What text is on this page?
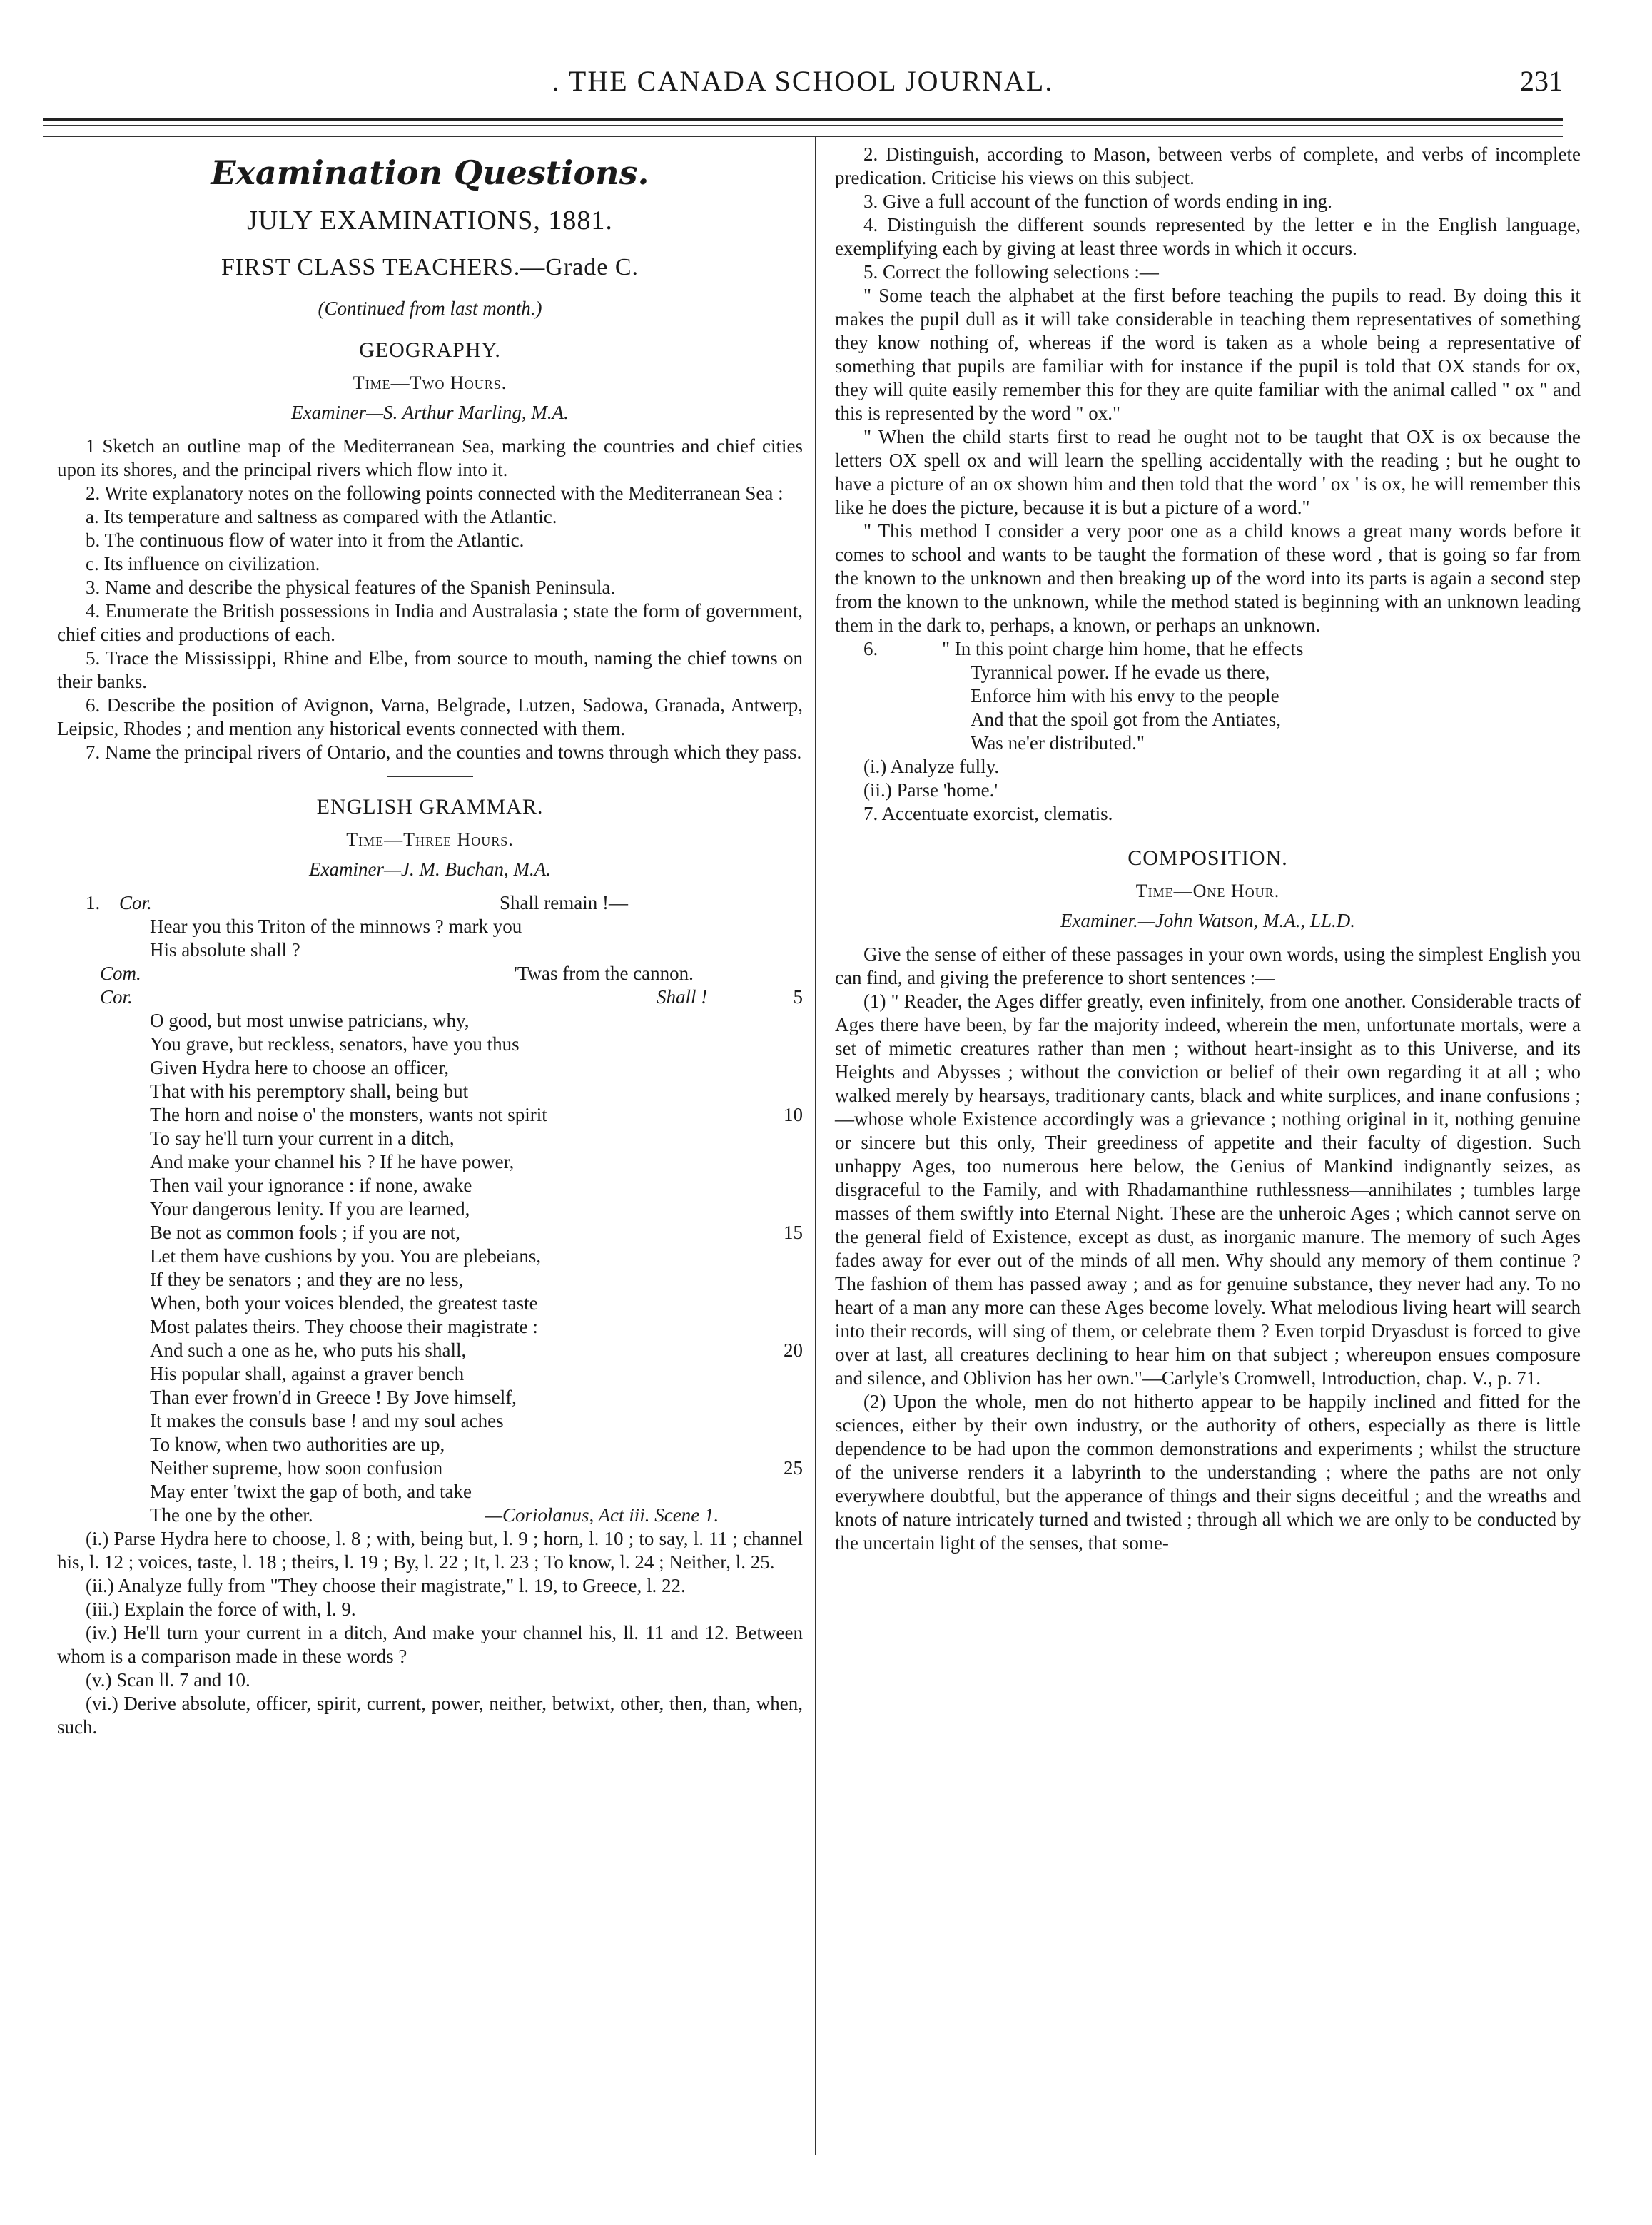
. THE CANADA SCHOOL JOURNAL.	231
Examination Questions.
JULY EXAMINATIONS, 1881.
FIRST CLASS TEACHERS.—Grade C.

(Continued from last month.)

GEOGRAPHY.
Time—Two Hours.
Examiner—S. Arthur Marling, M.A.

1 Sketch an outline map of the Mediterranean Sea, marking the countries and chief cities upon its shores, and the principal rivers which flow into it.

2. Write explanatory notes on the following points connected with the Mediterranean Sea :

a. Its temperature and saltness as compared with the Atlantic.

b. The continuous flow of water into it from the Atlantic.

c. Its influence on civilization.

3. Name and describe the physical features of the Spanish Peninsula.

4. Enumerate the British possessions in India and Australasia ; state the form of government, chief cities and productions of each.

5. Trace the Mississippi, Rhine and Elbe, from source to mouth, naming the chief towns on their banks.

6. Describe the position of Avignon, Varna, Belgrade, Lutzen, Sadowa, Granada, Antwerp, Leipsic, Rhodes ; and mention any historical events connected with them.

7. Name the principal rivers of Ontario, and the counties and towns through which they pass.

ENGLISH GRAMMAR.
Time—Three Hours.
Examiner—J. M. Buchan, M.A.

1. Cor.	Shall remain !—

Hear you this Triton of the minnows ? mark you

His absolute shall ?

Com.	'Twas from the cannon.

Cor.	Shall !	5

O good, but most unwise patricians, why,

You grave, but reckless, senators, have you thus

Given Hydra here to choose an officer,

That with his peremptory shall, being but

The horn and noise o' the monsters, wants not spirit	10

To say he'll turn your current in a ditch,

And make your channel his ? If he have power,

Then vail your ignorance : if none, awake

Your dangerous lenity. If you are learned,

Be not as common fools ; if you are not,	15

Let them have cushions by you. You are plebeians,

If they be senators ; and they are no less,

When, both your voices blended, the greatest taste

Most palates theirs. They choose their magistrate :

And such a one as he, who puts his shall,	20

His popular shall, against a graver bench

Than ever frown'd in Greece ! By Jove himself,

It makes the consuls base ! and my soul aches

To know, when two authorities are up,

Neither supreme, how soon confusion	25

May enter 'twixt the gap of both, and take

The one by the other.	—Coriolanus, Act iii. Scene 1.

(i.) Parse Hydra here to choose, l. 8 ; with, being but, l. 9 ; horn, l. 10 ; to say, l. 11 ; channel his, l. 12 ; voices, taste, l. 18 ; theirs, l. 19 ; By, l. 22 ; It, l. 23 ; To know, l. 24 ; Neither, l. 25.

(ii.) Analyze fully from "They choose their magistrate," l. 19, to Greece, l. 22.

(iii.) Explain the force of with, l. 9.

(iv.) He'll turn your current in a ditch, And make your channel his, ll. 11 and 12. Between whom is a comparison made in these words ?

(v.) Scan ll. 7 and 10.

(vi.) Derive absolute, officer, spirit, current, power, neither, betwixt, other, then, than, when, such.

2. Distinguish, according to Mason, between verbs of complete, and verbs of incomplete predication. Criticise his views on this subject.

3. Give a full account of the function of words ending in ing.

4. Distinguish the different sounds represented by the letter e in the English language, exemplifying each by giving at least three words in which it occurs.

5. Correct the following selections :—

" Some teach the alphabet at the first before teaching the pupils to read. By doing this it makes the pupil dull as it will take considerable in teaching them representatives of something they know nothing of, whereas if the word is taken as a whole being a representative of something that pupils are familiar with for instance if the pupil is told that OX stands for ox, they will quite easily remember this for they are quite familiar with the animal called " ox " and this is represented by the word " ox."

" When the child starts first to read he ought not to be taught that OX is ox because the letters OX spell ox and will learn the spelling accidentally with the reading ; but he ought to have a picture of an ox shown him and then told that the word ' ox ' is ox, he will remember this like he does the picture, because it is but a picture of a word."

" This method I consider a very poor one as a child knows a great many words before it comes to school and wants to be taught the formation of these word , that is going so far from the known to the unknown and then breaking up of the word into its parts is again a second step from the known to the unknown, while the method stated is beginning with an unknown leading them in the dark to, perhaps, a known, or perhaps an unknown.

6.	" In this point charge him home, that he effects

Tyrannical power. If he evade us there,

Enforce him with his envy to the people

And that the spoil got from the Antiates,

Was ne'er distributed."

(i.) Analyze fully.

(ii.) Parse 'home.'

7. Accentuate exorcist, clematis.

COMPOSITION.
Time—One Hour.
Examiner.—John Watson, M.A., LL.D.

Give the sense of either of these passages in your own words, using the simplest English you can find, and giving the preference to short sentences :—

(1) " Reader, the Ages differ greatly, even infinitely, from one another. Considerable tracts of Ages there have been, by far the majority indeed, wherein the men, unfortunate mortals, were a set of mimetic creatures rather than men ; without heart-insight as to this Universe, and its Heights and Abysses ; without the conviction or belief of their own regarding it at all ; who walked merely by hearsays, traditionary cants, black and white surplices, and inane confusions ;—whose whole Existence accordingly was a grievance ; nothing original in it, nothing genuine or sincere but this only, Their greediness of appetite and their faculty of digestion. Such unhappy Ages, too numerous here below, the Genius of Mankind indignantly seizes, as disgraceful to the Family, and with Rhadamanthine ruthlessness—annihilates ; tumbles large masses of them swiftly into Eternal Night. These are the unheroic Ages ; which cannot serve on the general field of Existence, except as dust, as inorganic manure. The memory of such Ages fades away for ever out of the minds of all men. Why should any memory of them continue ? The fashion of them has passed away ; and as for genuine substance, they never had any. To no heart of a man any more can these Ages become lovely. What melodious living heart will search into their records, will sing of them, or celebrate them ? Even torpid Dryasdust is forced to give over at last, all creatures declining to hear him on that subject ; whereupon ensues composure and silence, and Oblivion has her own."—Carlyle's Cromwell, Introduction, chap. V., p. 71.

(2) Upon the whole, men do not hitherto appear to be happily inclined and fitted for the sciences, either by their own industry, or the authority of others, especially as there is little dependence to be had upon the common demonstrations and experiments ; whilst the structure of the universe renders it a labyrinth to the understanding ; where the paths are not only everywhere doubtful, but the apperance of things and their signs deceitful ; and the wreaths and knots of nature intricately turned and twisted ; through all which we are only to be conducted by the uncertain light of the senses, that some-
